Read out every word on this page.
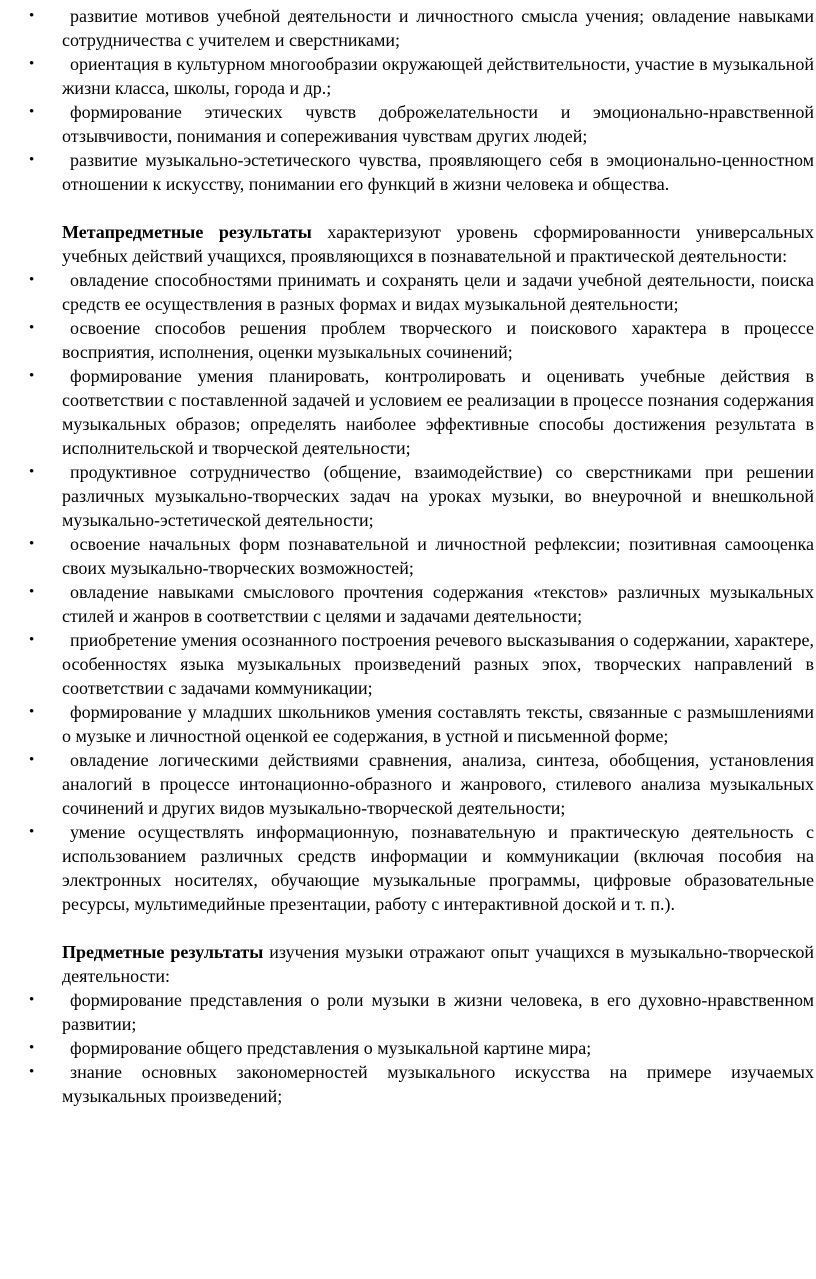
• развитие мотивов учебной деятельности и личностного смысла учения; овладение навыками сотрудничества с учителем и сверстниками;
• ориентация в культурном многообразии окружающей действительности, участие в музыкальной жизни класса, школы, города и др.;
• формирование этических чувств доброжелательности и эмоционально-нравственной отзывчивости, понимания и сопереживания чувствам других людей;
• развитие музыкально-эстетического чувства, проявляющего себя в эмоционально-ценностном отношении к искусству, понимании его функций в жизни человека и общества.

Метапредметные результаты характеризуют уровень сформированности универсальных учебных действий учащихся, проявляющихся в познавательной и практической деятельности:

• овладение способностями принимать и сохранять цели и задачи учебной деятельности, поиска средств ее осуществления в разных формах и видах музыкальной деятельности;
• освоение способов решения проблем творческого и поискового характера в процессе восприятия, исполнения, оценки музыкальных сочинений;
• формирование умения планировать, контролировать и оценивать учебные действия в соответствии с поставленной задачей и условием ее реализации в процессе познания содержания музыкальных образов; определять наиболее эффективные способы достижения результата в исполнительской и творческой деятельности;
• продуктивное сотрудничество (общение, взаимодействие) со сверстниками при решении различных музыкально-творческих задач на уроках музыки, во внеурочной и внешкольной музыкально-эстетической деятельности;
• освоение начальных форм познавательной и личностной рефлексии; позитивная самооценка своих музыкально-творческих возможностей;
• овладение навыками смыслового прочтения содержания «текстов» различных музыкальных стилей и жанров в соответствии с целями и задачами деятельности;
• приобретение умения осознанного построения речевого высказывания о содержании, характере, особенностях языка музыкальных произведений разных эпох, творческих направлений в соответствии с задачами коммуникации;
• формирование у младших школьников умения составлять тексты, связанные с размышлениями о музыке и личностной оценкой ее содержания, в устной и письменной форме;
• овладение логическими действиями сравнения, анализа, синтеза, обобщения, установления аналогий в процессе интонационно-образного и жанрового, стилевого анализа музыкальных сочинений и других видов музыкально-творческой деятельности;
• умение осуществлять информационную, познавательную и практическую деятельность с использованием различных средств информации и коммуникации (включая пособия на электронных носителях, обучающие музыкальные программы, цифровые образовательные ресурсы, мультимедийные презентации, работу с интерактивной доской и т. п.).

Предметные результаты изучения музыки отражают опыт учащихся в музыкально-творческой деятельности:

• формирование представления о роли музыки в жизни человека, в его духовно-нравственном развитии;
• формирование общего представления о музыкальной картине мира;
• знание основных закономерностей музыкального искусства на примере изучаемых музыкальных произведений;
